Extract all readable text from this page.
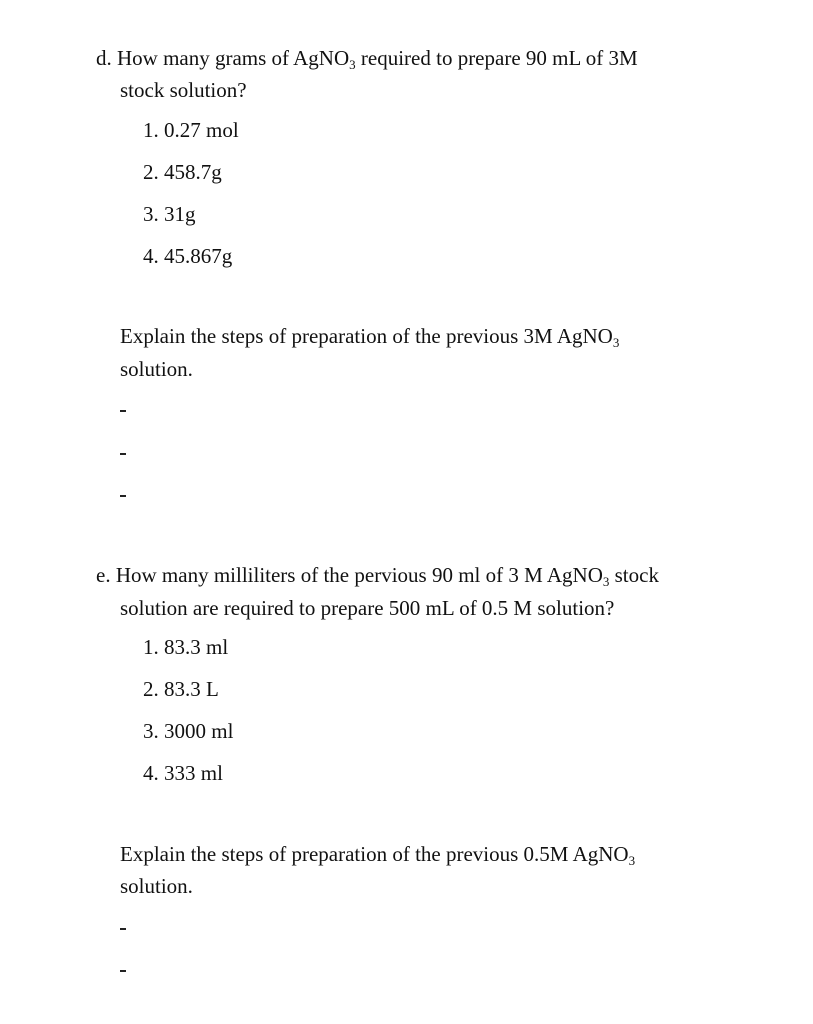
d. How many grams of AgNO$_3$ required to prepare 90 mL of 3M
stock solution?
1. 0.27 mol
2. 458.7g
3. 31g
4. 45.867g
Explain the steps of preparation of the previous 3M AgNO$_3$
solution.
e. How many milliliters of the pervious 90 ml of 3 M AgNO$_3$ stock
solution are required to prepare 500 mL of 0.5 M solution?
1. 83.3 ml
2. 83.3 L
3. 3000 ml
4. 333 ml
Explain the steps of preparation of the previous 0.5M AgNO$_3$
solution.
